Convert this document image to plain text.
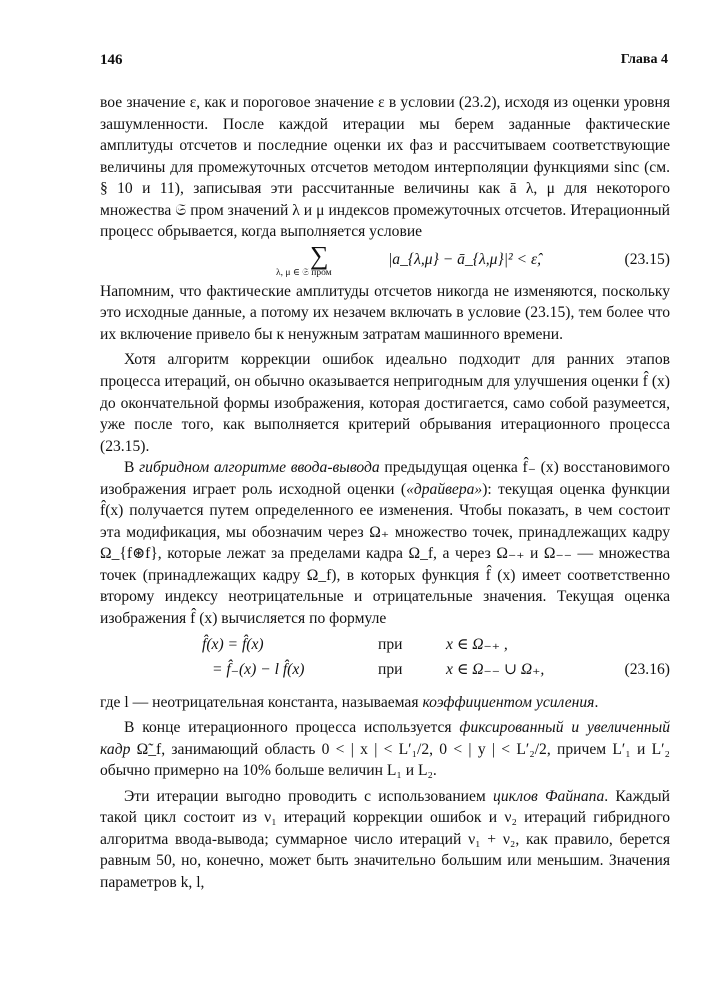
146	Глава 4

вое значение ε, как и пороговое значение ε в условии (23.2), исходя из оценки уровня зашумленности. После каждой итерации мы берем заданные фактические амплитуды отсчетов и последние оценки их фаз и рассчитываем соответствующие величины для промежуточных отсчетов методом интерполяции функциями sinc (см. § 10 и 11), записывая эти рассчитанные величины как ā λ, μ для некоторого множества 𝔖 пром значений λ и μ индексов промежуточных отсчетов. Итерационный процесс обрывается, когда выполняется условие

∑
λ, μ ∈ 𝔖 пром
|a_{λ,μ} − ā_{λ,μ}|² < ε̂,	(23.15)

Напомним, что фактические амплитуды отсчетов никогда не изменяются, поскольку это исходные данные, а потому их незачем включать в условие (23.15), тем более что их включение привело бы к ненужным затратам машинного времени.

Хотя алгоритм коррекции ошибок идеально подходит для ранних этапов процесса итераций, он обычно оказывается непригодным для улучшения оценки f̂ (x) до окончательной формы изображения, которая достигается, само собой разумеется, уже после того, как выполняется критерий обрывания итерационного процесса (23.15).

В гибридном алгоритме ввода-вывода предыдущая оценка f̂₋ (x) восстановимого изображения играет роль исходной оценки («драйвера»): текущая оценка функции f̂(x) получается путем определенного ее изменения. Чтобы показать, в чем состоит эта модификация, мы обозначим через Ω₊ множество точек, принадлежащих кадру Ω_{f⊛f}, которые лежат за пределами кадра Ω_f, а через Ω₋₊ и Ω₋₋ — множества точек (принадлежащих кадру Ω_f), в которых функция f̂ (x) имеет соответственно второму индексу неотрицательные и отрицательные значения. Текущая оценка изображения f̂ (x) вычисляется по формуле

f̂(x) = f̂(x)	при	x ∈ Ω₋₊ ,
= f̂₋(x) − l f̂(x)	при	x ∈ Ω₋₋ ∪ Ω₊,	(23.16)

где l — неотрицательная константа, называемая коэффициентом усиления.

В конце итерационного процесса используется фиксированный и увеличенный кадр Ω̃_f, занимающий область 0 < | x | < L′₁/2, 0 < | y | < L′₂/2, причем L′₁ и L′₂ обычно примерно на 10% больше величин L₁ и L₂.

Эти итерации выгодно проводить с использованием циклов Файнапа. Каждый такой цикл состоит из ν₁ итераций коррекции ошибок и ν₂ итераций гибридного алгоритма ввода-вывода; суммарное число итераций ν₁ + ν₂, как правило, берется равным 50, но, конечно, может быть значительно большим или меньшим. Значения параметров k, l,
